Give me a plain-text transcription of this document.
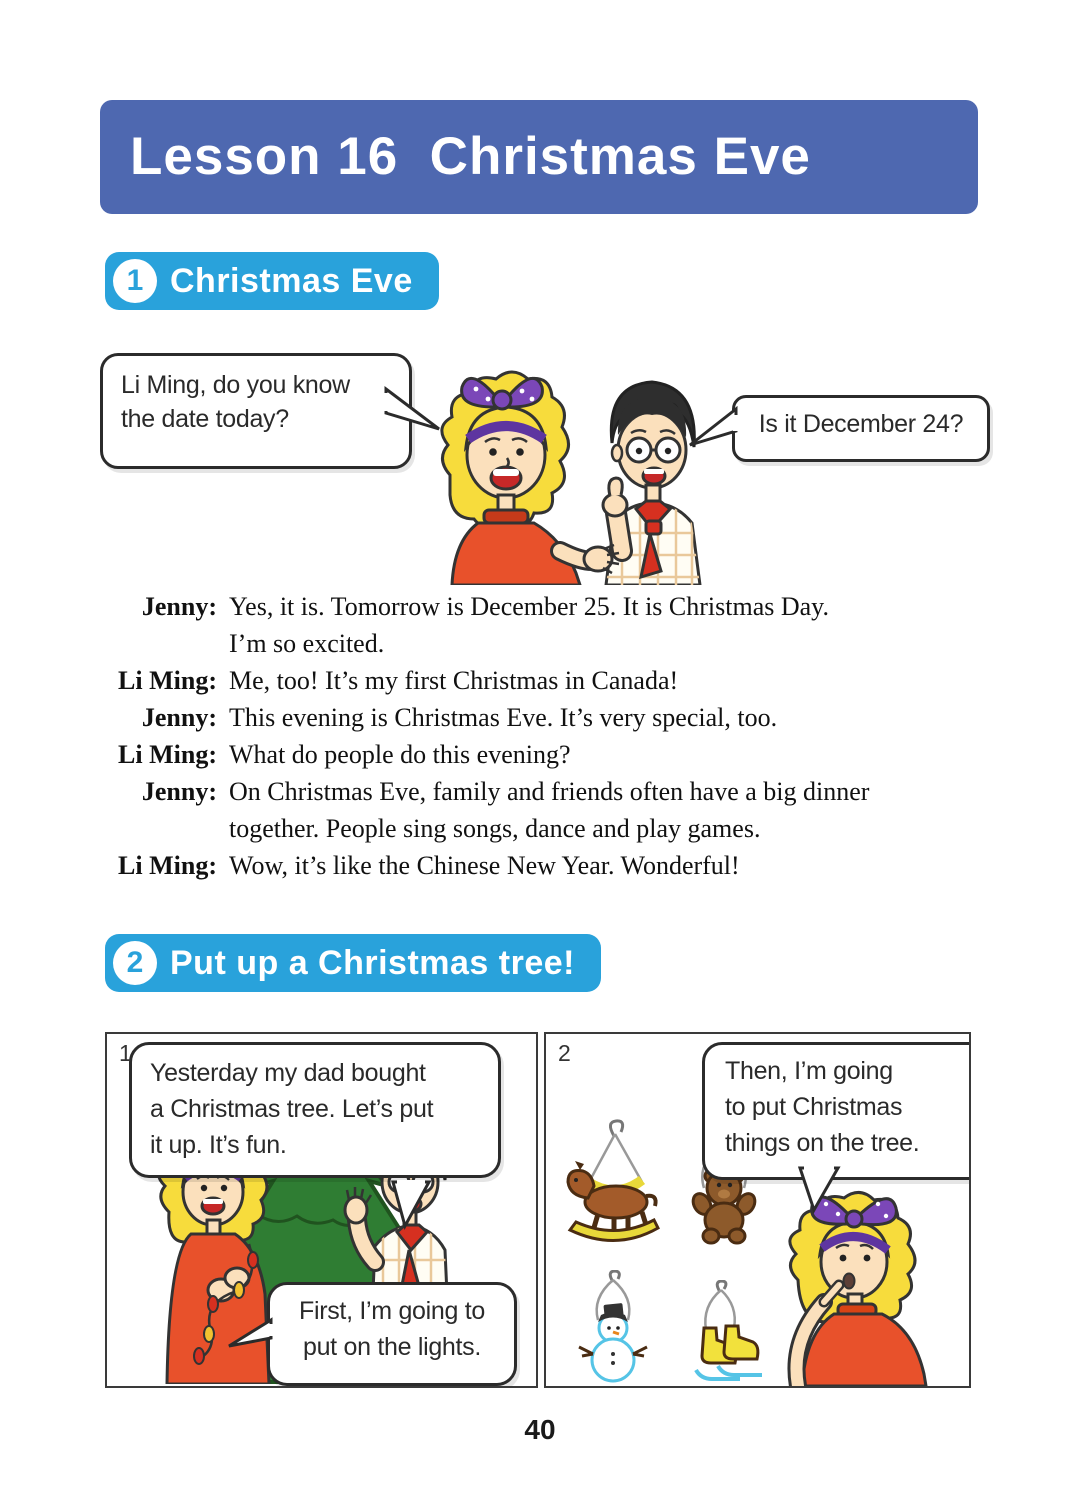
Lesson 16  Christmas Eve
1 Christmas Eve
Li Ming, do you know
the date today?	Is it December 24?
Jenny: Yes, it is. Tomorrow is December 25. It is Christmas Day.
I’m so excited.
Li Ming: Me, too! It’s my first Christmas in Canada!
Jenny: This evening is Christmas Eve. It’s very special, too.
Li Ming: What do people do this evening?
Jenny: On Christmas Eve, family and friends often have a big dinner
together. People sing songs, dance and play games.
Li Ming: Wow, it’s like the Chinese New Year. Wonderful!
2 Put up a Christmas tree!
1
Yesterday my dad bought
a Christmas tree. Let’s put
it up. It’s fun.
First, I’m going to
put on the lights.
2
Then, I’m going
to put Christmas
things on the tree.
40
